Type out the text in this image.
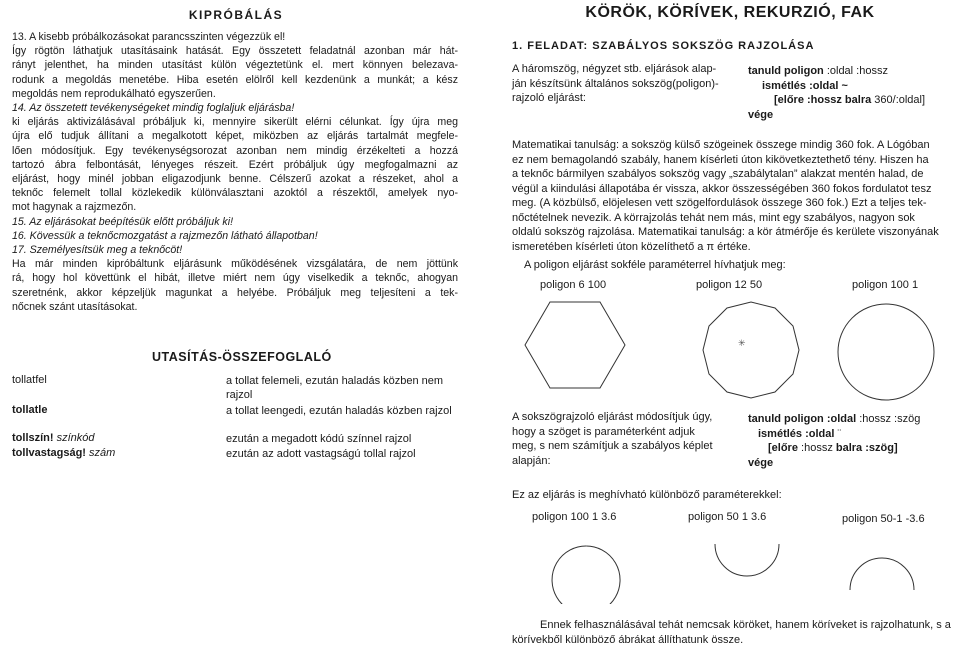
KIPRÓBÁLÁS
13. A kisebb próbálkozásokat parancsszinten végezzük el!
Így rögtön láthatjuk utasításaink hatását. Egy összetett feladatnál azonban már hát-
rányt jelenthet, ha minden utasítást külön végeztetünk el. mert könnyen belezava-
rodunk a megoldás menetébe. Hiba esetén elölről kell kezdenünk a munkát; a kész
megoldás nem reprodukálható egyszerűen.
14. Az összetett tevékenységeket mindig foglaljuk eljárásba!
ki eljárás aktivizálásával próbáljuk ki, mennyire sikerült elérni célunkat. Így újra meg
újra elő tudjuk állítani a megalkotott képet, miközben az eljárás tartalmát megfele-
lően módosítjuk. Egy tevékenységsorozat azonban nem mindig érzékelteti a hozzá
tartozó ábra felbontását, lényeges részeit. Ezért próbáljuk úgy megfogalmazni az
eljárást, hogy minél jobban eligazodjunk benne. Célszerű azokat a részeket, ahol a
teknőc felemelt tollal közlekedik különválasztani azoktól a részektől, amelyek nyo-
mot hagynak a rajzmezőn.
15. Az eljárásokat beépítésük előtt próbáljuk ki!
16. Kövessük a teknőcmozgatást a rajzmezőn látható állapotban!
17. Személyesítsük meg a teknőcöt!
Ha már minden kipróbáltunk eljárásunk működésének vizsgálatára, de nem jöttünk
rá, hogy hol követtünk el hibát, illetve miért nem úgy viselkedik a teknőc, ahogyan
szeretnénk, akkor képzeljük magunkat a helyébe. Próbáljuk meg teljesíteni a tek-
nőcnek szánt utasításokat.
UTASÍTÁS-ÖSSZEFOGLALÓ
tollatfel	a tollat felemeli, ezután haladás közben nem rajzol
tollatle	a tollat leengedi, ezután haladás közben rajzol
tollszín! színkód	ezután a megadott kódú színnel rajzol
tollvastagság! szám	ezután az adott vastagságú tollal rajzol
KÖRÖK, KÖRÍVEK, REKURZIÓ, FAK
1. FELADAT: SZABÁLYOS SOKSZÖG RAJZOLÁSA
A háromszög, négyzet stb. eljárások alap-
ján készítsünk általános sokszög(poligon)-
rajzoló eljárást:
tanuld poligon :oldal :hossz
ismétlés :oldal ~
[előre :hossz balra 360/:oldal]
vége
Matematikai tanulság: a sokszög külső szögeinek összege mindig 360 fok. A Lógóban
ez nem bemagolandó szabály, hanem kísérleti úton kikövetkeztethető tény. Hiszen ha
a teknőc bármilyen szabályos sokszög vagy „szabálytalan” alakzat mentén halad, de
végül a kiindulási állapotába ér vissza, akkor összességében 360 fokos fordulatot tesz
meg. (A közbülső, elöjelesen vett szögelfordulások összege 360 fok.) Ezt a teljes tek-
nőctételnek nevezik. A körrajzolás tehát nem más, mint egy szabályos, nagyon sok
oldalú sokszög rajzolása. Matematikai tanulság: a kör átmérője és kerülete viszonyának
ismeretében kísérleti úton közelíthető a π értéke.
A poligon eljárást sokféle paraméterrel hívhatjuk meg:
poligon 6 100	poligon 12 50	poligon 100 1
✳
A sokszögrajzoló eljárást módosítjuk úgy,
hogy a szöget is paraméterként adjuk
meg, s nem számítjuk a szabályos képlet
alapján:
tanuld poligon :oldal :hossz :szög
ismétlés :oldal ¨
[előre :hossz balra :szög]
vége
Ez az eljárás is meghívható különböző paraméterekkel:
poligon 100 1 3.6	poligon 50 1 3.6	poligon 50-1 -3.6
Ennek felhasználásával tehát nemcsak köröket, hanem köríveket is rajzolhatunk, s a
körívekből különböző ábrákat állíthatunk össze.
